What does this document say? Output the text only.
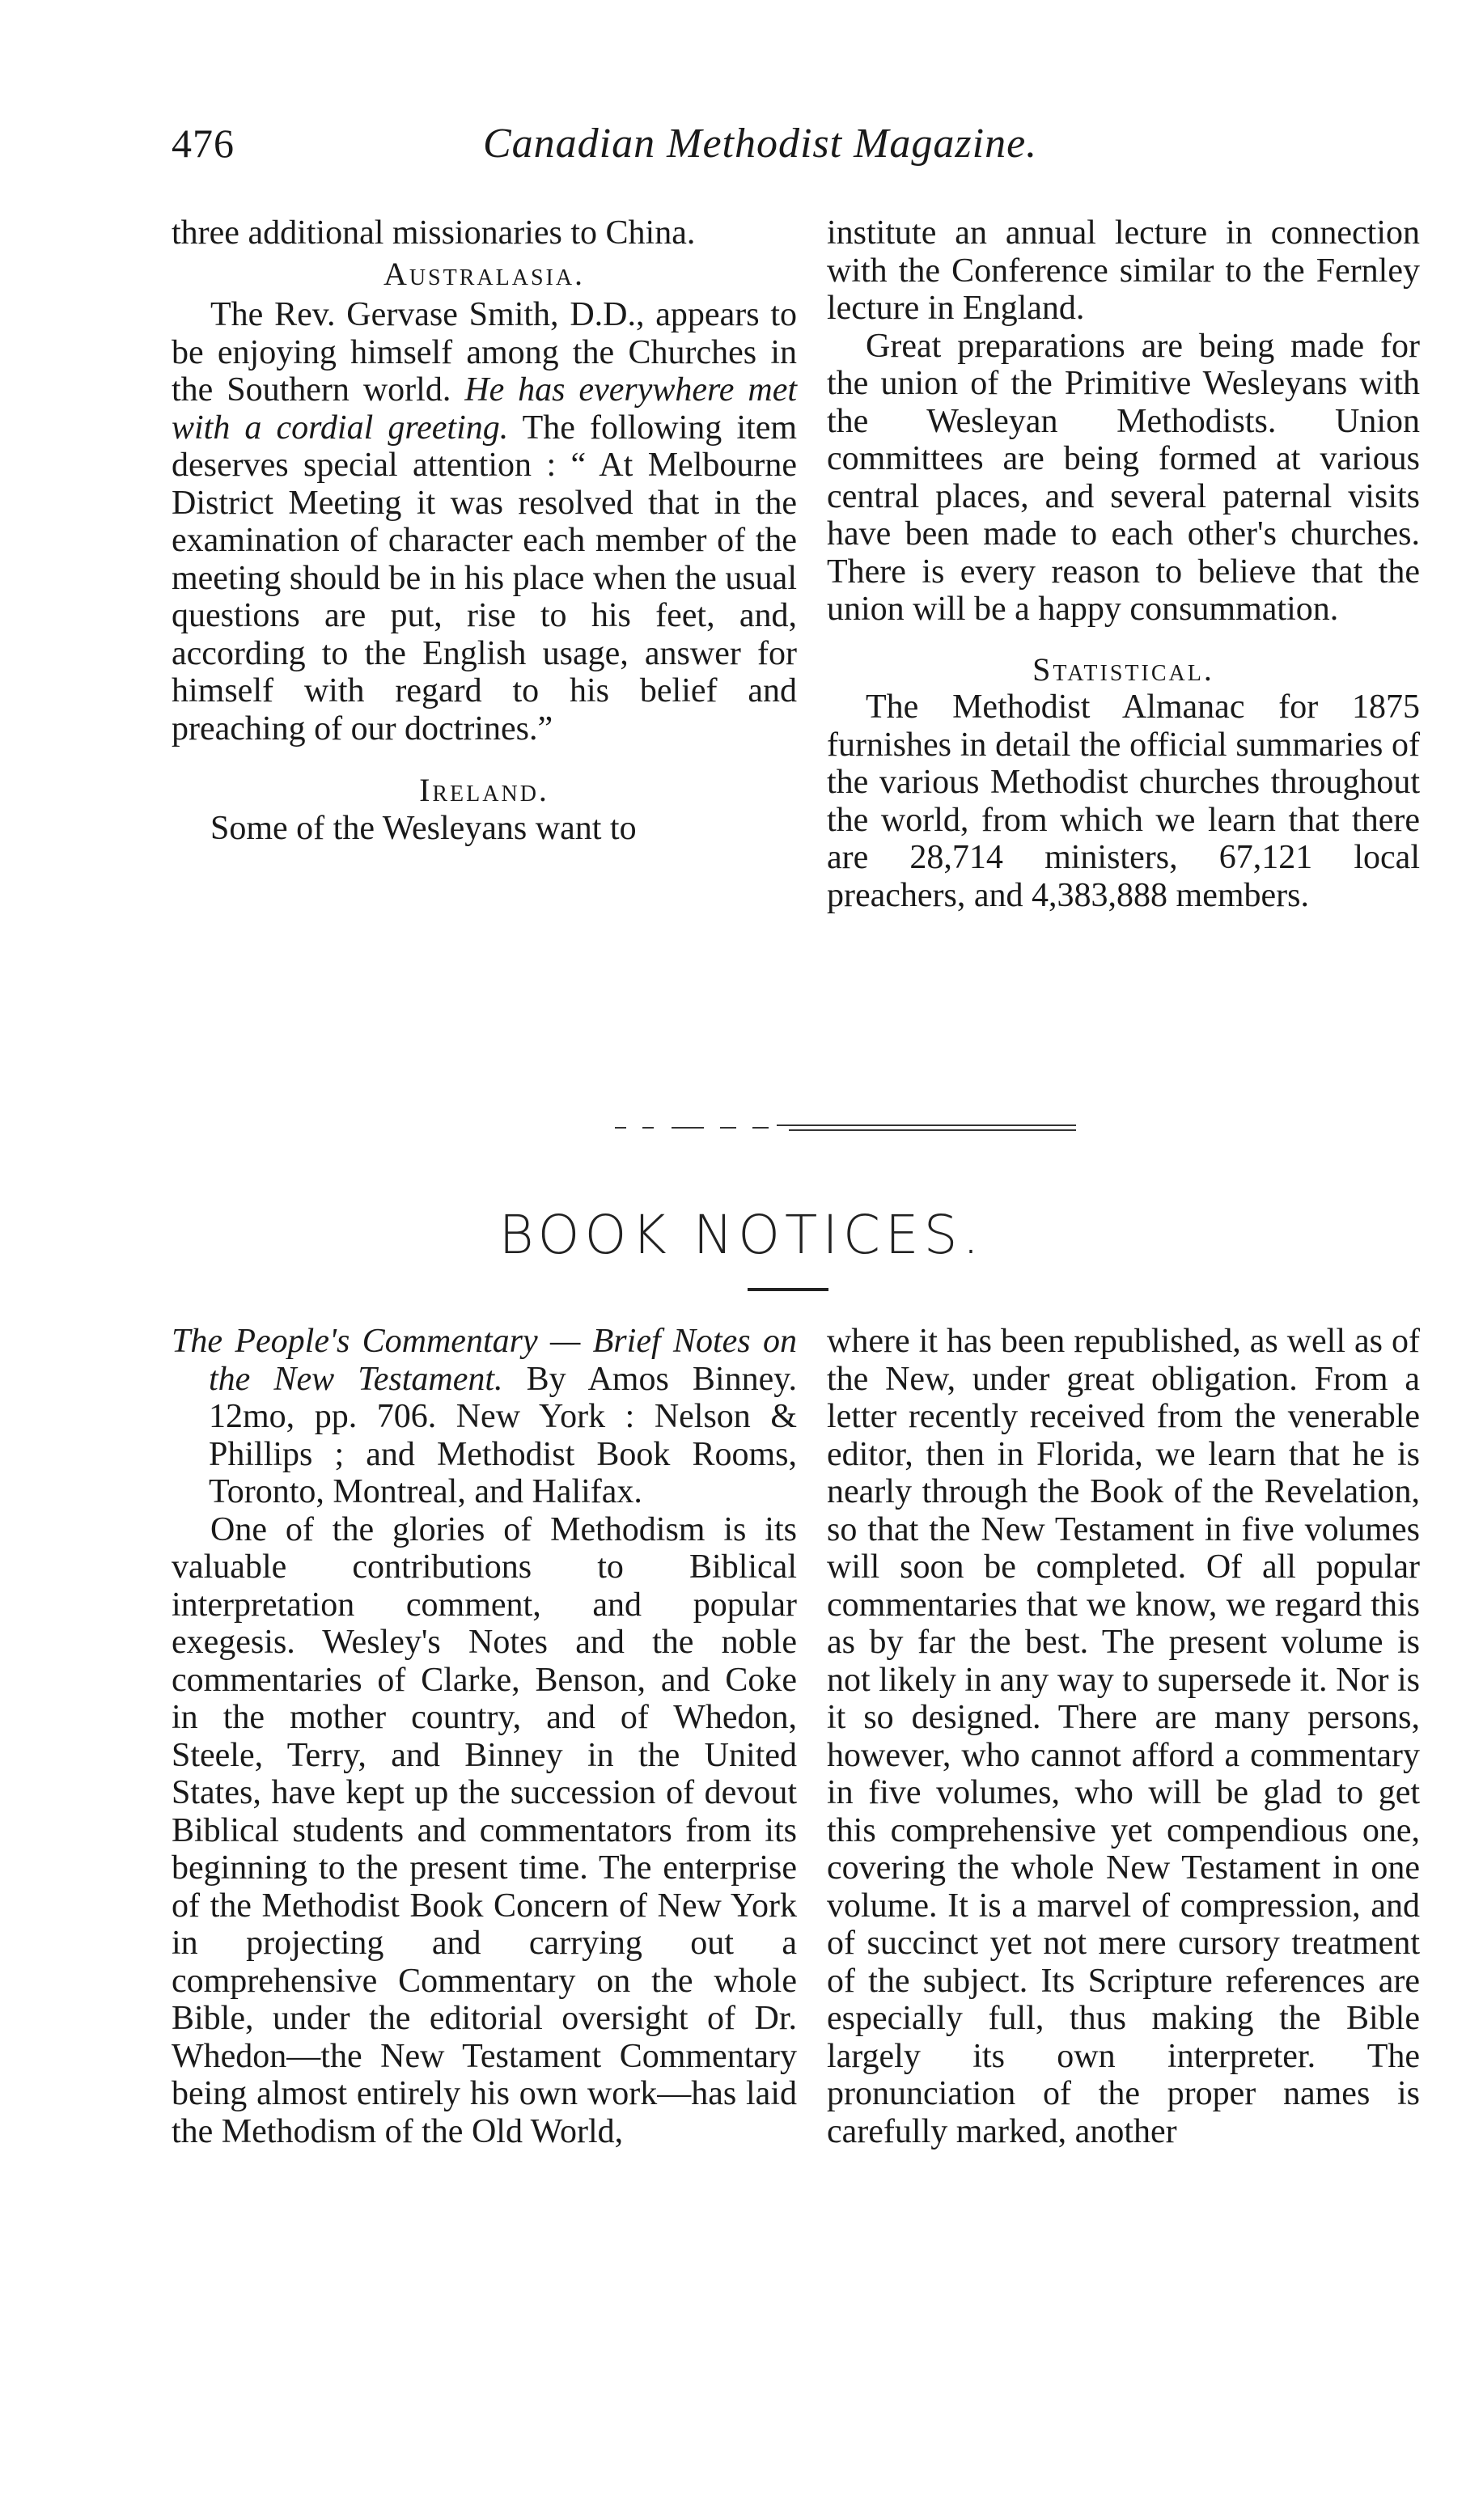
476	Canadian Methodist Magazine.

three additional missionaries to China.

Australasia.

The Rev. Gervase Smith, D.D., appears to be enjoying himself among the Churches in the Southern world. He has everywhere met with a cordial greeting. The following item deserves special attention : “ At Melbourne District Meeting it was resolved that in the examination of character each member of the meeting should be in his place when the usual questions are put, rise to his feet, and, according to the English usage, answer for himself with regard to his belief and preaching of our doctrines.”

Ireland.

Some of the Wesleyans want to

institute an annual lecture in connection with the Conference similar to the Fernley lecture in England.

Great preparations are being made for the union of the Primitive Wesleyans with the Wesleyan Methodists. Union committees are being formed at various central places, and several paternal visits have been made to each other's churches. There is every reason to believe that the union will be a happy consummation.

Statistical.

The Methodist Almanac for 1875 furnishes in detail the official summaries of the various Methodist churches throughout the world, from which we learn that there are 28,714 ministers, 67,121 local preachers, and 4,383,888 members.

BOOK NOTICES.

The People's Commentary — Brief Notes on the New Testament. By Amos Binney. 12mo, pp. 706. New York : Nelson & Phillips ; and Methodist Book Rooms, Toronto, Montreal, and Halifax.

One of the glories of Methodism is its valuable contributions to Biblical interpretation comment, and popular exegesis. Wesley's Notes and the noble commentaries of Clarke, Benson, and Coke in the mother country, and of Whedon, Steele, Terry, and Binney in the United States, have kept up the succession of devout Biblical students and commentators from its beginning to the present time. The enterprise of the Methodist Book Concern of New York in projecting and carrying out a comprehensive Commentary on the whole Bible, under the editorial oversight of Dr. Whedon—the New Testament Commentary being almost entirely his own work—has laid the Methodism of the Old World,

where it has been republished, as well as of the New, under great obligation. From a letter recently received from the venerable editor, then in Florida, we learn that he is nearly through the Book of the Revelation, so that the New Testament in five volumes will soon be completed. Of all popular commentaries that we know, we regard this as by far the best. The present volume is not likely in any way to supersede it. Nor is it so designed. There are many persons, however, who cannot afford a commentary in five volumes, who will be glad to get this comprehensive yet compendious one, covering the whole New Testament in one volume. It is a marvel of compression, and of succinct yet not mere cursory treatment of the subject. Its Scripture references are especially full, thus making the Bible largely its own interpreter. The pronunciation of the proper names is carefully marked, another
